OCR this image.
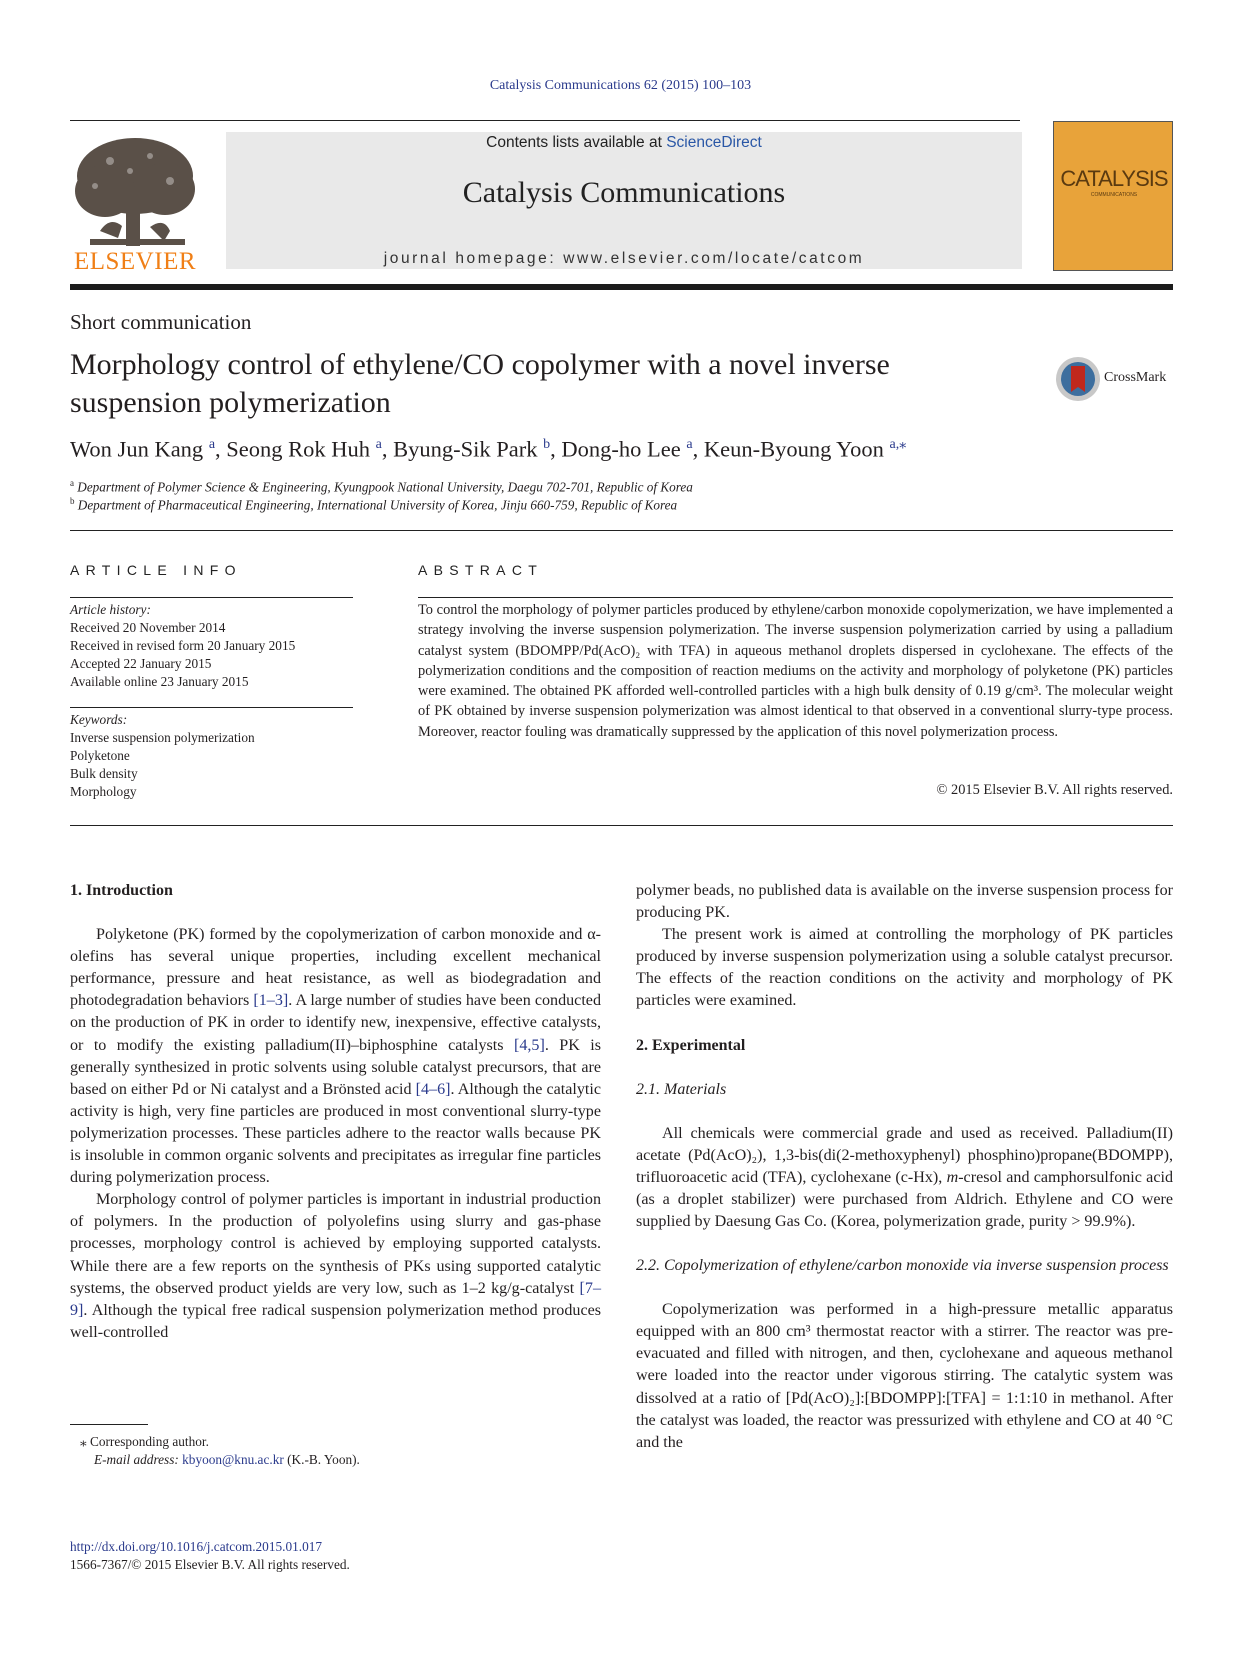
Catalysis Communications 62 (2015) 100–103
ELSEVIER
Contents lists available at ScienceDirect
Catalysis Communications
journal homepage: www.elsevier.com/locate/catcom
CATALYSIS
COMMUNICATIONS
Short communication
Morphology control of ethylene/CO copolymer with a novel inverse suspension polymerization
CrossMark
Won Jun Kang $^a$, Seong Rok Huh $^a$, Byung-Sik Park $^b$, Dong-ho Lee $^a$, Keun-Byoung Yoon $^{a,⁎}$
$^a$ Department of Polymer Science & Engineering, Kyungpook National University, Daegu 702-701, Republic of Korea
$^b$ Department of Pharmaceutical Engineering, International University of Korea, Jinju 660-759, Republic of Korea
ARTICLE INFO
Article history:
Received 20 November 2014
Received in revised form 20 January 2015
Accepted 22 January 2015
Available online 23 January 2015
Keywords:
Inverse suspension polymerization
Polyketone
Bulk density
Morphology
ABSTRACT
To control the morphology of polymer particles produced by ethylene/carbon monoxide copolymerization, we have implemented a strategy involving the inverse suspension polymerization. The inverse suspension polymerization carried by using a palladium catalyst system (BDOMPP/Pd(AcO)₂ with TFA) in aqueous methanol droplets dispersed in cyclohexane. The effects of the polymerization conditions and the composition of reaction mediums on the activity and morphology of polyketone (PK) particles were examined. The obtained PK afforded well-controlled particles with a high bulk density of 0.19 g/cm³. The molecular weight of PK obtained by inverse suspension polymerization was almost identical to that observed in a conventional slurry-type process. Moreover, reactor fouling was dramatically suppressed by the application of this novel polymerization process.
© 2015 Elsevier B.V. All rights reserved.
1. Introduction

Polyketone (PK) formed by the copolymerization of carbon monoxide and α-olefins has several unique properties, including excellent mechanical performance, pressure and heat resistance, as well as biodegradation and photodegradation behaviors [1–3]. A large number of studies have been conducted on the production of PK in order to identify new, inexpensive, effective catalysts, or to modify the existing palladium(II)–biphosphine catalysts [4,5]. PK is generally synthesized in protic solvents using soluble catalyst precursors, that are based on either Pd or Ni catalyst and a Brönsted acid [4–6]. Although the catalytic activity is high, very fine particles are produced in most conventional slurry-type polymerization processes. These particles adhere to the reactor walls because PK is insoluble in common organic solvents and precipitates as irregular fine particles during polymerization process.

Morphology control of polymer particles is important in industrial production of polymers. In the production of polyolefins using slurry and gas-phase processes, morphology control is achieved by employing supported catalysts. While there are a few reports on the synthesis of PKs using supported catalytic systems, the observed product yields are very low, such as 1–2 kg/g-catalyst [7–9]. Although the typical free radical suspension polymerization method produces well-controlled

polymer beads, no published data is available on the inverse suspension process for producing PK.

The present work is aimed at controlling the morphology of PK particles produced by inverse suspension polymerization using a soluble catalyst precursor. The effects of the reaction conditions on the activity and morphology of PK particles were examined.

2. Experimental
2.1. Materials

All chemicals were commercial grade and used as received. Palladium(II) acetate (Pd(AcO)₂), 1,3-bis(di(2-methoxyphenyl) phosphino)propane(BDOMPP), trifluoroacetic acid (TFA), cyclohexane (c-Hx), m-cresol and camphorsulfonic acid (as a droplet stabilizer) were purchased from Aldrich. Ethylene and CO were supplied by Daesung Gas Co. (Korea, polymerization grade, purity > 99.9%).

2.2. Copolymerization of ethylene/carbon monoxide via inverse suspension process

Copolymerization was performed in a high-pressure metallic apparatus equipped with an 800 cm³ thermostat reactor with a stirrer. The reactor was pre-evacuated and filled with nitrogen, and then, cyclohexane and aqueous methanol were loaded into the reactor under vigorous stirring. The catalytic system was dissolved at a ratio of [Pd(AcO)₂]:[BDOMPP]:[TFA] = 1:1:10 in methanol. After the catalyst was loaded, the reactor was pressurized with ethylene and CO at 40 °C and the

⁎ Corresponding author.
E-mail address: kbyoon@knu.ac.kr (K.-B. Yoon).
http://dx.doi.org/10.1016/j.catcom.2015.01.017
1566-7367/© 2015 Elsevier B.V. All rights reserved.
